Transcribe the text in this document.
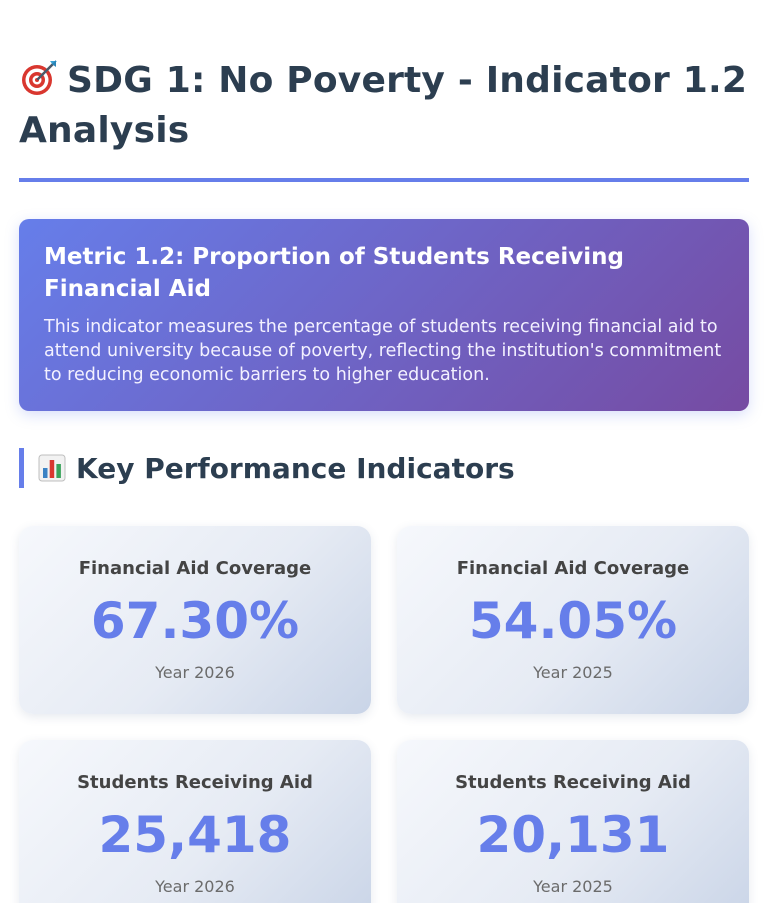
SDG 1: No Poverty - Indicator 1.2 Analysis
Metric 1.2: Proportion of Students Receiving Financial Aid

This indicator measures the percentage of students receiving financial aid to attend university because of poverty, reflecting the institution's commitment to reducing economic barriers to higher education.

Key Performance Indicators
Financial Aid Coverage
67.30%
Year 2026
Financial Aid Coverage
54.05%
Year 2025
Students Receiving Aid
25,418
Year 2026
Students Receiving Aid
20,131
Year 2025
